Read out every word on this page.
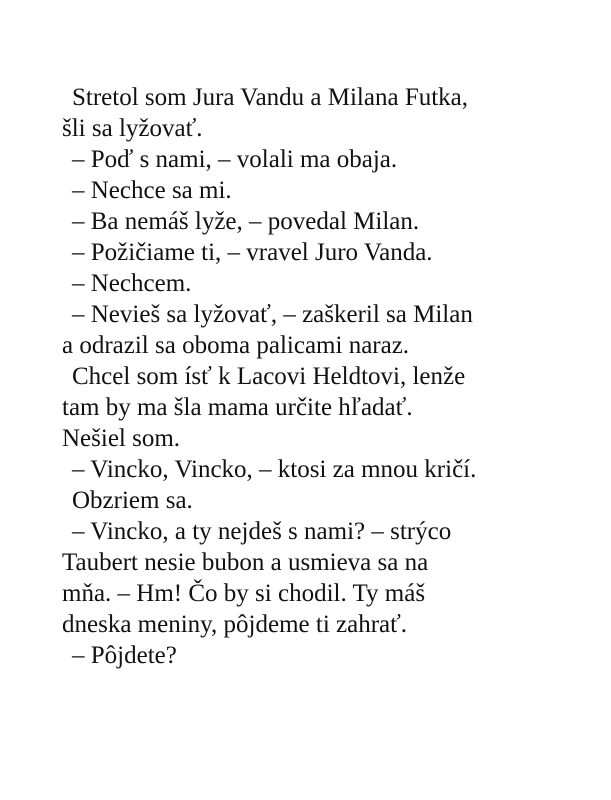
Stretol som Jura Vandu a Milana Futka,
šli sa lyžovať.
– Poď s nami, – volali ma obaja.
– Nechce sa mi.
– Ba nemáš lyže, – povedal Milan.
– Požičiame ti, – vravel Juro Vanda.
– Nechcem.
– Nevieš sa lyžovať, – zaškeril sa Milan
a odrazil sa oboma palicami naraz.
Chcel som ísť k Lacovi Heldtovi, lenže
tam by ma šla mama určite hľadať.
Nešiel som.
– Vincko, Vincko, – ktosi za mnou kričí.
Obzriem sa.
– Vincko, a ty nejdeš s nami? – strýco
Taubert nesie bubon a usmieva sa na
mňa. – Hm! Čo by si chodil. Ty máš
dneska meniny, pôjdeme ti zahrať.
– Pôjdete?
